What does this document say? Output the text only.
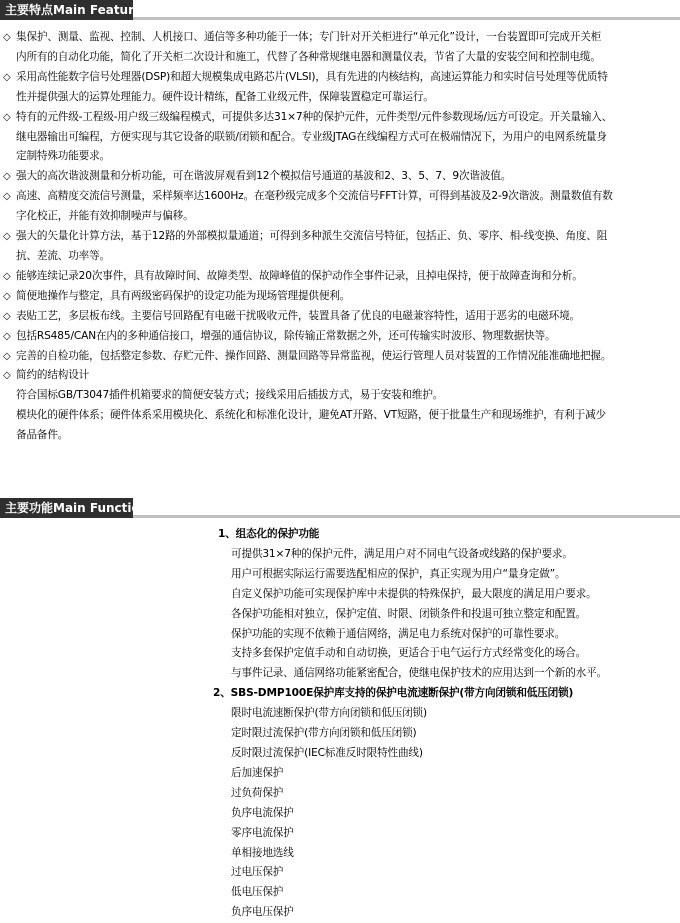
主要特点Main Feature
◇ 集保护、测量、监视、控制、人机接口、通信等多种功能于一体；专门针对开关柜进行“单元化”设计，一台装置即可完成开关柜
内所有的自动化功能，简化了开关柜二次设计和施工，代替了各种常规继电器和测量仪表，节省了大量的安装空间和控制电缆。
◇ 采用高性能数字信号处理器(DSP)和超大规模集成电路芯片(VLSI)，具有先进的内核结构，高速运算能力和实时信号处理等优质特
性并提供强大的运算处理能力。硬件设计精练，配备工业级元件，保障装置稳定可靠运行。
◇ 特有的元件级-工程级-用户级三级编程模式，可提供多达31×7种的保护元件，元件类型/元件参数现场/远方可设定。开关量输入、
继电器输出可编程，方便实现与其它设备的联锁/闭锁和配合。专业级JTAG在线编程方式可在极端情况下，为用户的电网系统量身
定制特殊功能要求。
◇ 强大的高次谐波测量和分析功能，可在谐波屏观看到12个模拟信号通道的基波和2、3、5、7、9次谐波值。
◇ 高速、高精度交流信号测量，采样频率达1600Hz。在毫秒级完成多个交流信号FFT计算，可得到基波及2-9次谐波。测量数值有数
字化校正，并能有效抑制噪声与偏移。
◇ 强大的矢量化计算方法，基于12路的外部模拟量通道；可得到多种派生交流信号特征，包括正、负、零序、相-线变换、角度、阻
抗、差流、功率等。
◇ 能够连续记录20次事件，具有故障时间、故障类型、故障峰值的保护动作全事件记录，且掉电保持，便于故障查询和分析。
◇ 简便地操作与整定，具有两级密码保护的设定功能为现场管理提供便利。
◇ 表贴工艺，多层板布线。主要信号回路配有电磁干扰吸收元件，装置具备了优良的电磁兼容特性，适用于恶劣的电磁环境。
◇ 包括RS485/CAN在内的多种通信接口，增强的通信协议，除传输正常数据之外，还可传输实时波形、物理数据快等。
◇ 完善的自检功能，包括整定参数、存贮元件、操作回路、测量回路等异常监视，使运行管理人员对装置的工作情况能准确地把握。
◇ 简约的结构设计
符合国标GB/T3047插件机箱要求的简便安装方式；接线采用后插拔方式，易于安装和维护。
模块化的硬件体系；硬件体系采用模块化、系统化和标准化设计，避免AT开路、VT短路，便于批量生产和现场维护，有利于减少
备品备件。
主要功能Main Function
1、组态化的保护功能
可提供31×7种的保护元件，满足用户对不同电气设备或线路的保护要求。
用户可根据实际运行需要选配相应的保护，真正实现为用户“量身定做”。
自定义保护功能可实现保护库中未提供的特殊保护，最大限度的满足用户要求。
各保护功能相对独立，保护定值、时限、闭锁条件和投退可独立整定和配置。
保护功能的实现不依赖于通信网络，满足电力系统对保护的可靠性要求。
支持多套保护定值手动和自动切换，更适合于电气运行方式经常变化的场合。
与事件记录、通信网络功能紧密配合，使继电保护技术的应用达到一个新的水平。
2、SBS-DMP100E保护库支持的保护电流速断保护(带方向闭锁和低压闭锁)
限时电流速断保护(带方向闭锁和低压闭锁)
定时限过流保护(带方向闭锁和低压闭锁)
反时限过流保护(IEC标准反时限特性曲线)
后加速保护
过负荷保护
负序电流保护
零序电流保护
单相接地选线
过电压保护
低电压保护
负序电压保护
